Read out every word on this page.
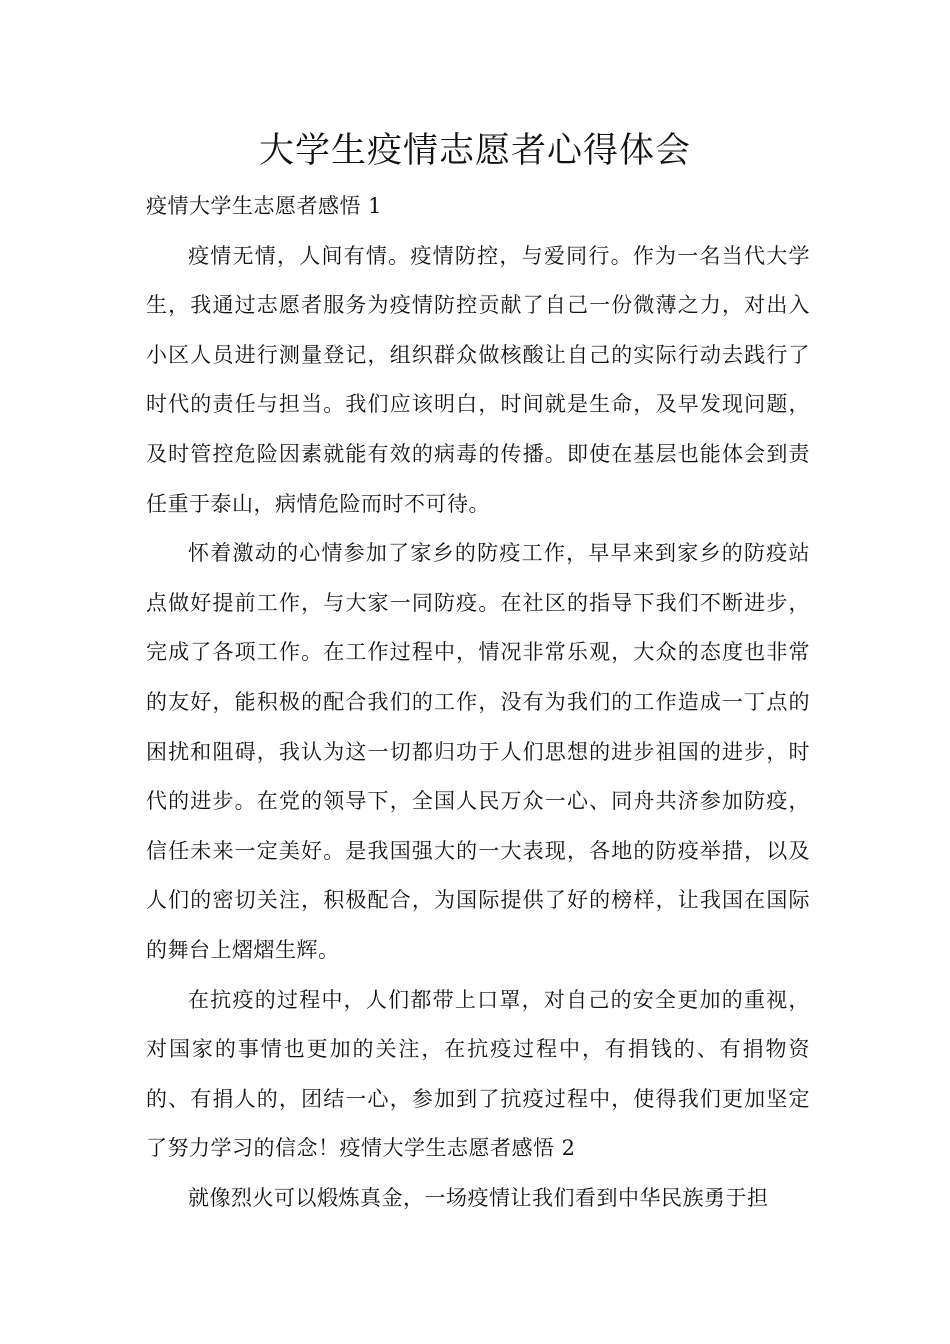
大学生疫情志愿者心得体会

疫情大学生志愿者感悟 1

疫情无情，人间有情。疫情防控，与爱同行。作为一名当代大学生，我通过志愿者服务为疫情防控贡献了自己一份微薄之力，对出入小区人员进行测量登记，组织群众做核酸让自己的实际行动去践行了时代的责任与担当。我们应该明白，时间就是生命，及早发现问题，及时管控危险因素就能有效的病毒的传播。即使在基层也能体会到责任重于泰山，病情危险而时不可待。

怀着激动的心情参加了家乡的防疫工作，早早来到家乡的防疫站点做好提前工作，与大家一同防疫。在社区的指导下我们不断进步，完成了各项工作。在工作过程中，情况非常乐观，大众的态度也非常的友好，能积极的配合我们的工作，没有为我们的工作造成一丁点的困扰和阻碍，我认为这一切都归功于人们思想的进步祖国的进步，时代的进步。在党的领导下，全国人民万众一心、同舟共济参加防疫，信任未来一定美好。是我国强大的一大表现，各地的防疫举措，以及人们的密切关注，积极配合，为国际提供了好的榜样，让我国在国际的舞台上熠熠生辉。

在抗疫的过程中，人们都带上口罩，对自己的安全更加的重视，对国家的事情也更加的关注，在抗疫过程中，有捐钱的、有捐物资的、有捐人的，团结一心，参加到了抗疫过程中，使得我们更加坚定了努力学习的信念！疫情大学生志愿者感悟 2

就像烈火可以煅炼真金，一场疫情让我们看到中华民族勇于担
